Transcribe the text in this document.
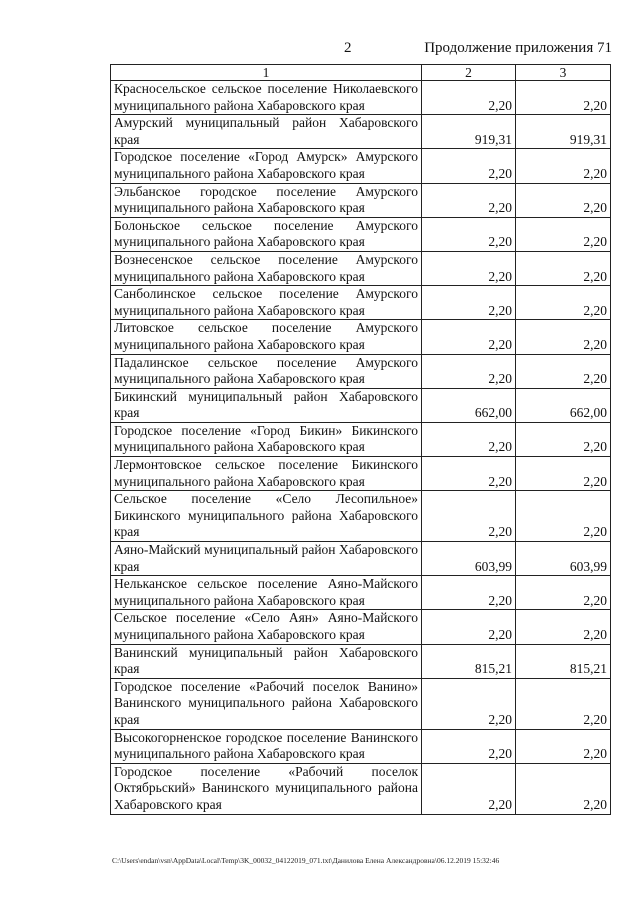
2	Продолжение приложения 71
1	2	3
Красносельское сельское поселение Николаевского муниципального района Хабаровского края	2,20	2,20
Амурский муниципальный район Хабаровского края	919,31	919,31
Городское поселение «Город Амурск» Амурского муниципального района Хабаровского края	2,20	2,20
Эльбанское городское поселение Амурского муниципального района Хабаровского края	2,20	2,20
Болоньское сельское поселение Амурского муниципального района Хабаровского края	2,20	2,20
Вознесенское сельское поселение Амурского муниципального района Хабаровского края	2,20	2,20
Санболинское сельское поселение Амурского муниципального района Хабаровского края	2,20	2,20
Литовское сельское поселение Амурского муниципального района Хабаровского края	2,20	2,20
Падалинское сельское поселение Амурского муниципального района Хабаровского края	2,20	2,20
Бикинский муниципальный район Хабаровского края	662,00	662,00
Городское поселение «Город Бикин» Бикинского муниципального района Хабаровского края	2,20	2,20
Лермонтовское сельское поселение Бикинского муниципального района Хабаровского края	2,20	2,20
Сельское поселение «Село Лесопильное» Бикинского муниципального района Хабаровского края	2,20	2,20
Аяно-Майский муниципальный район Хабаровского края	603,99	603,99
Нельканское сельское поселение Аяно-Майского муниципального района Хабаровского края	2,20	2,20
Сельское поселение «Село Аян» Аяно-Майского муниципального района Хабаровского края	2,20	2,20
Ванинский муниципальный район Хабаровского края	815,21	815,21
Городское поселение «Рабочий поселок Ванино» Ванинского муниципального района Хабаровского края	2,20	2,20
Высокогорненское городское поселение Ванинского муниципального района Хабаровского края	2,20	2,20
Городское поселение «Рабочий поселок Октябрьский» Ванинского муниципального района Хабаровского края	2,20	2,20
C:\Users\endan\vsn\AppData\Local\Temp\3K_00032_04122019_071.txt\Данилова Елена Александровна\06.12.2019 15:32:46
